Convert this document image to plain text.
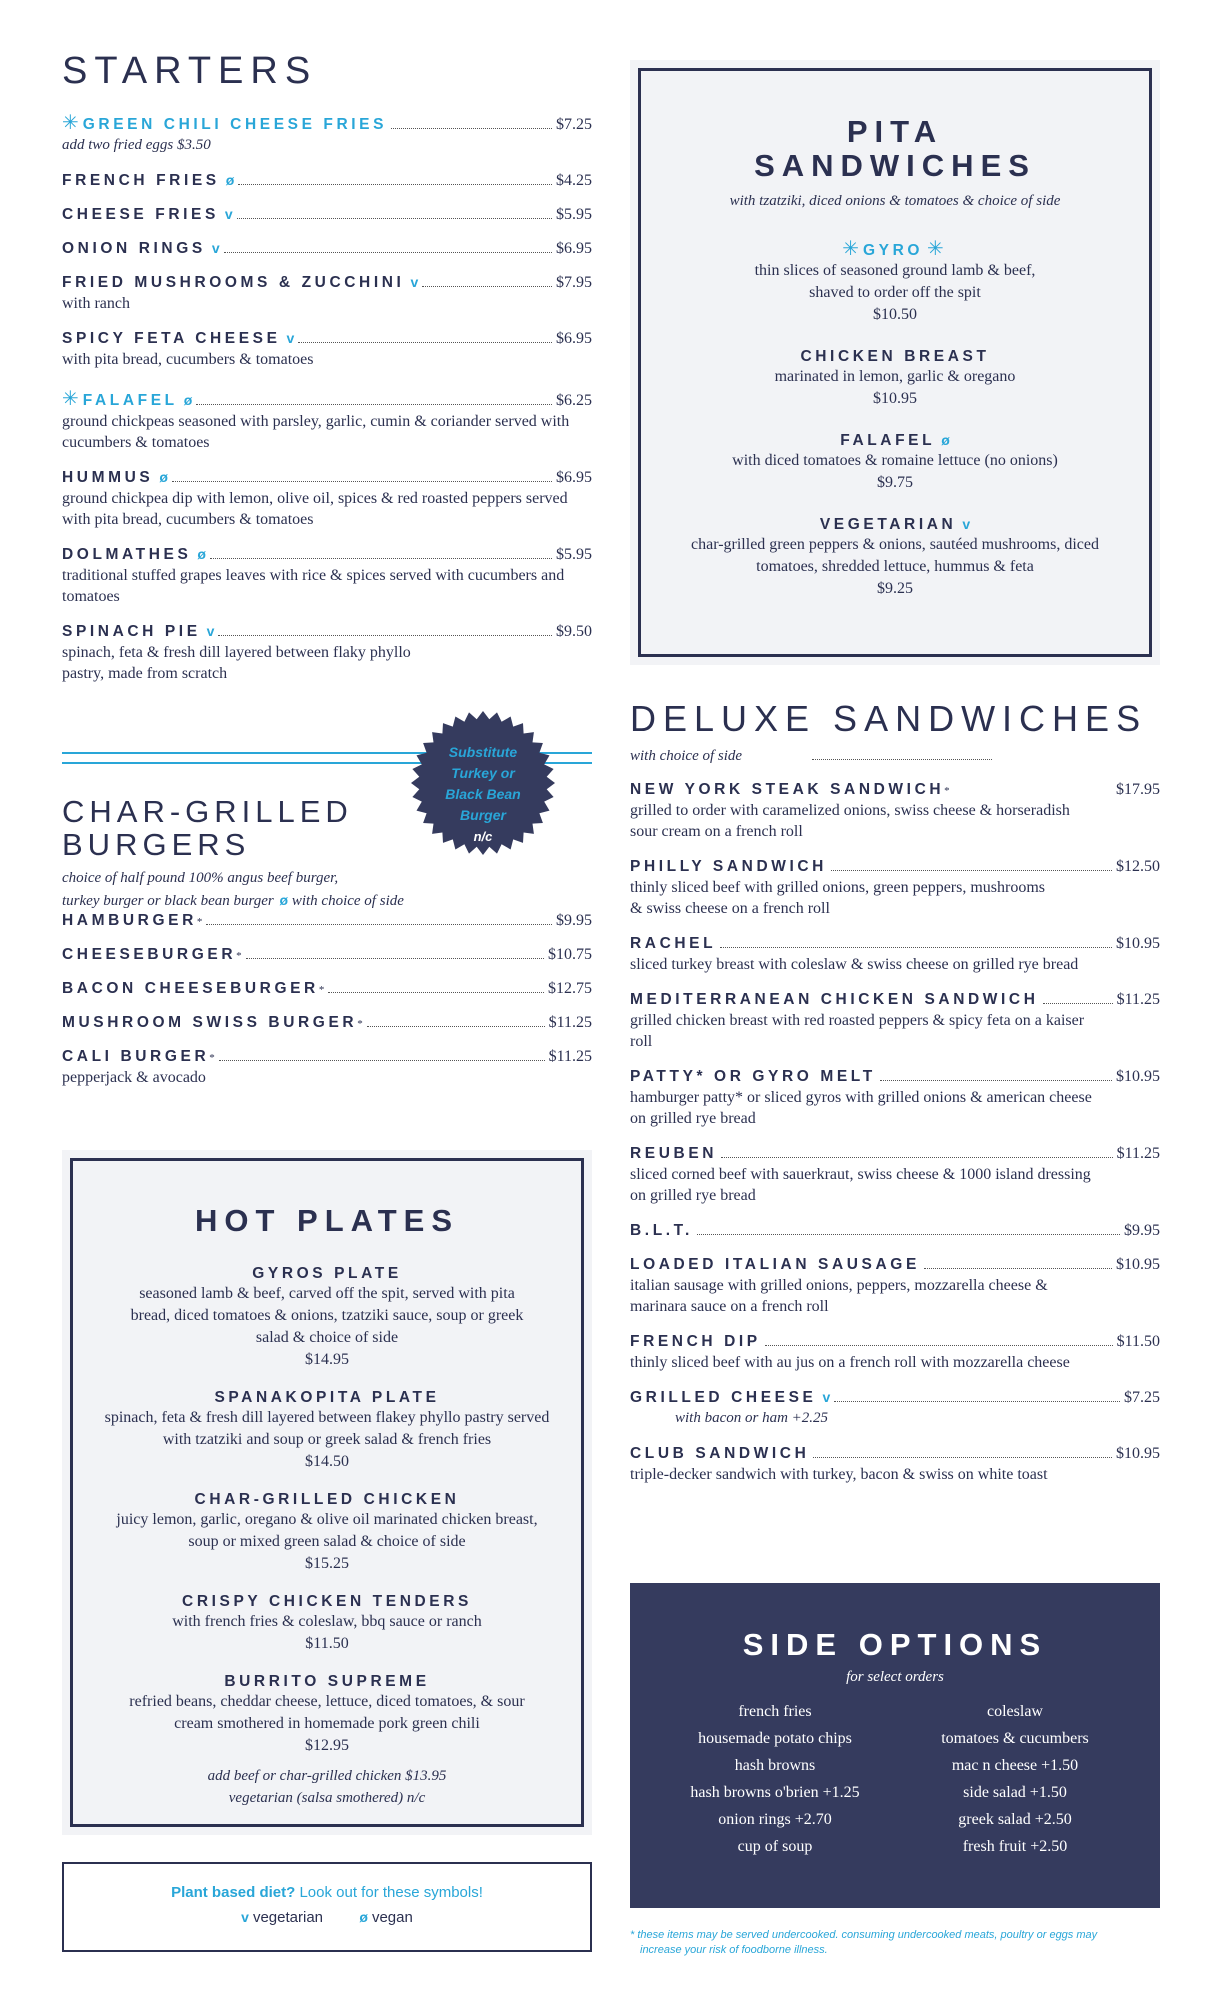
STARTERS
✳ GREEN CHILI CHEESE FRIES	$7.25
add two fried eggs $3.50
FRENCH FRIES ø	$4.25
CHEESE FRIES v	$5.95
ONION RINGS v	$6.95
FRIED MUSHROOMS & ZUCCHINI v	$7.95
with ranch
SPICY FETA CHEESE v	$6.95
with pita bread, cucumbers & tomatoes
✳ FALAFEL ø	$6.25
ground chickpeas seasoned with parsley, garlic, cumin & coriander served with cucumbers & tomatoes
HUMMUS ø	$6.95
ground chickpea dip with lemon, olive oil, spices & red roasted peppers served with pita bread, cucumbers & tomatoes
DOLMATHES ø	$5.95
traditional stuffed grapes leaves with rice & spices served with cucumbers and tomatoes
SPINACH PIE v	$9.50
spinach, feta & fresh dill layered between flaky phyllo pastry, made from scratch
Substitute
Turkey or
Black Bean
Burger
n/c
CHAR-GRILLED
BURGERS
choice of half pound 100% angus beef burger,
turkey burger or black bean burger ø with choice of side
HAMBURGER *	$9.95
CHEESEBURGER *	$10.75
BACON CHEESEBURGER *	$12.75
MUSHROOM SWISS BURGER *	$11.25
CALI BURGER *	$11.25
pepperjack & avocado
HOT PLATES
GYROS PLATE
seasoned lamb & beef, carved off the spit, served with pita bread, diced tomatoes & onions, tzatziki sauce, soup or greek salad & choice of side
$14.95
SPANAKOPITA PLATE
spinach, feta & fresh dill layered between flakey phyllo pastry served with tzatziki and soup or greek salad & french fries
$14.50
CHAR-GRILLED CHICKEN
juicy lemon, garlic, oregano & olive oil marinated chicken breast, soup or mixed green salad & choice of side
$15.25
CRISPY CHICKEN TENDERS
with french fries & coleslaw, bbq sauce or ranch
$11.50
BURRITO SUPREME
refried beans, cheddar cheese, lettuce, diced tomatoes, & sour cream smothered in homemade pork green chili
$12.95
add beef or char-grilled chicken $13.95
vegetarian (salsa smothered) n/c
Plant based diet? Look out for these symbols!
v vegetarian	ø vegan
PITA
SANDWICHES
with tzatziki, diced onions & tomatoes & choice of side
✳ GYRO ✳
thin slices of seasoned ground lamb & beef, shaved to order off the spit
$10.50
CHICKEN BREAST
marinated in lemon, garlic & oregano
$10.95
FALAFEL ø
with diced tomatoes & romaine lettuce (no onions)
$9.75
VEGETARIAN v
char-grilled green peppers & onions, sautéed mushrooms, diced tomatoes, shredded lettuce, hummus & feta
$9.25
DELUXE SANDWICHES
with choice of side
NEW YORK STEAK SANDWICH *	$17.95
grilled to order with caramelized onions, swiss cheese & horseradish sour cream on a french roll
PHILLY SANDWICH	$12.50
thinly sliced beef with grilled onions, green peppers, mushrooms & swiss cheese on a french roll
RACHEL	$10.95
sliced turkey breast with coleslaw & swiss cheese on grilled rye bread
MEDITERRANEAN CHICKEN SANDWICH	$11.25
grilled chicken breast with red roasted peppers & spicy feta on a kaiser roll
PATTY* OR GYRO MELT	$10.95
hamburger patty* or sliced gyros with grilled onions & american cheese on grilled rye bread
REUBEN	$11.25
sliced corned beef with sauerkraut, swiss cheese & 1000 island dressing on grilled rye bread
B.L.T.	$9.95
LOADED ITALIAN SAUSAGE	$10.95
italian sausage with grilled onions, peppers, mozzarella cheese & marinara sauce on a french roll
FRENCH DIP	$11.50
thinly sliced beef with au jus on a french roll with mozzarella cheese
GRILLED CHEESE v	$7.25
with bacon or ham +2.25
CLUB SANDWICH	$10.95
triple-decker sandwich with turkey, bacon & swiss on white toast
SIDE OPTIONS
for select orders
french fries
housemade potato chips
hash browns
hash browns o'brien +1.25
onion rings +2.70
cup of soup
coleslaw
tomatoes & cucumbers
mac n cheese +1.50
side salad +1.50
greek salad +2.50
fresh fruit +2.50
* these items may be served undercooked. consuming undercooked meats, poultry or eggs may
increase your risk of foodborne illness.
